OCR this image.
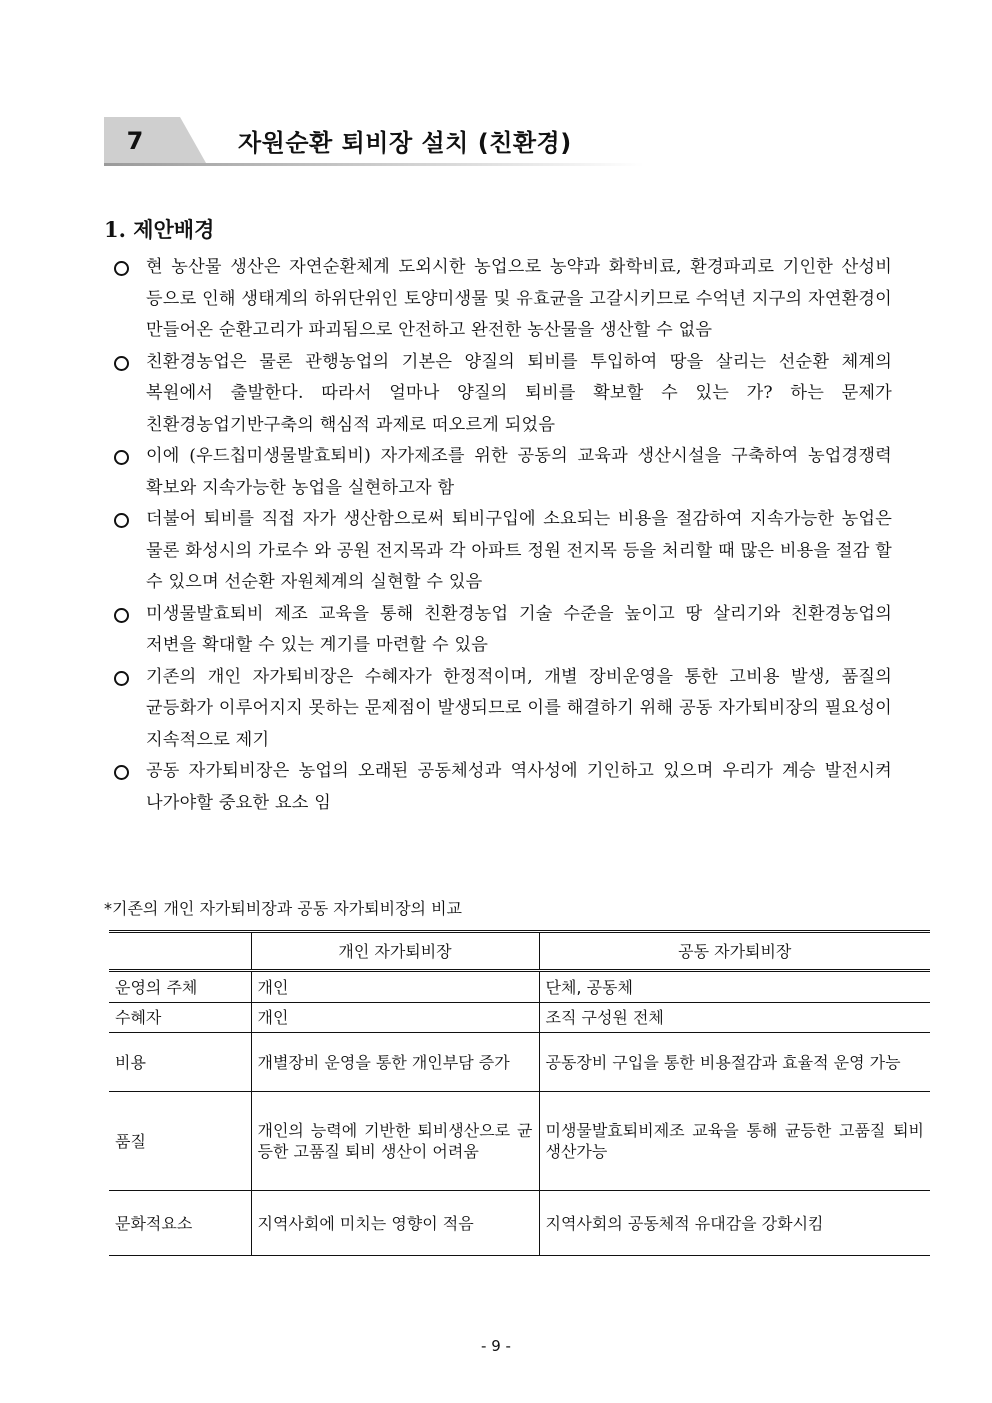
7	자원순환 퇴비장 설치 (친환경)
1. 제안배경
현 농산물 생산은 자연순환체계 도외시한 농업으로 농약과 화학비료, 환경파괴로 기인한 산성비 등으로 인해 생태계의 하위단위인 토양미생물 및 유효균을 고갈시키므로 수억년 지구의 자연환경이 만들어온 순환고리가 파괴됨으로 안전하고 완전한 농산물을 생산할 수 없음
친환경농업은 물론 관행농업의 기본은 양질의 퇴비를 투입하여 땅을 살리는 선순환 체계의 복원에서 출발한다. 따라서 얼마나 양질의 퇴비를 확보할 수 있는 가? 하는 문제가 친환경농업기반구축의 핵심적 과제로 떠오르게 되었음
이에 (우드칩미생물발효퇴비) 자가제조를 위한 공동의 교육과 생산시설을 구축하여 농업경쟁력 확보와 지속가능한 농업을 실현하고자 함
더불어 퇴비를 직접 자가 생산함으로써 퇴비구입에 소요되는 비용을 절감하여 지속가능한 농업은 물론 화성시의 가로수 와 공원 전지목과 각 아파트 정원 전지목 등을 처리할 때 많은 비용을 절감 할 수 있으며 선순환 자원체계의 실현할 수 있음
미생물발효퇴비 제조 교육을 통해 친환경농업 기술 수준을 높이고 땅 살리기와 친환경농업의 저변을 확대할 수 있는 계기를 마련할 수 있음
기존의 개인 자가퇴비장은 수혜자가 한정적이며, 개별 장비운영을 통한 고비용 발생, 품질의 균등화가 이루어지지 못하는 문제점이 발생되므로 이를 해결하기 위해 공동 자가퇴비장의 필요성이 지속적으로 제기
공동 자가퇴비장은 농업의 오래된 공동체성과 역사성에 기인하고 있으며 우리가 계승 발전시켜 나가야할 중요한 요소 임
*기존의 개인 자가퇴비장과 공동 자가퇴비장의 비교
	개인 자가퇴비장	공동 자가퇴비장
운영의 주체	개인	단체, 공동체
수혜자	개인	조직 구성원 전체
비용	개별장비 운영을 통한 개인부담 증가	공동장비 구입을 통한 비용절감과 효율적 운영 가능
품질	개인의 능력에 기반한 퇴비생산으로 균등한 고품질 퇴비 생산이 어려움	미생물발효퇴비제조 교육을 통해 균등한 고품질 퇴비 생산가능
문화적요소	지역사회에 미치는 영향이 적음	지역사회의 공동체적 유대감을 강화시킴
- 9 -
